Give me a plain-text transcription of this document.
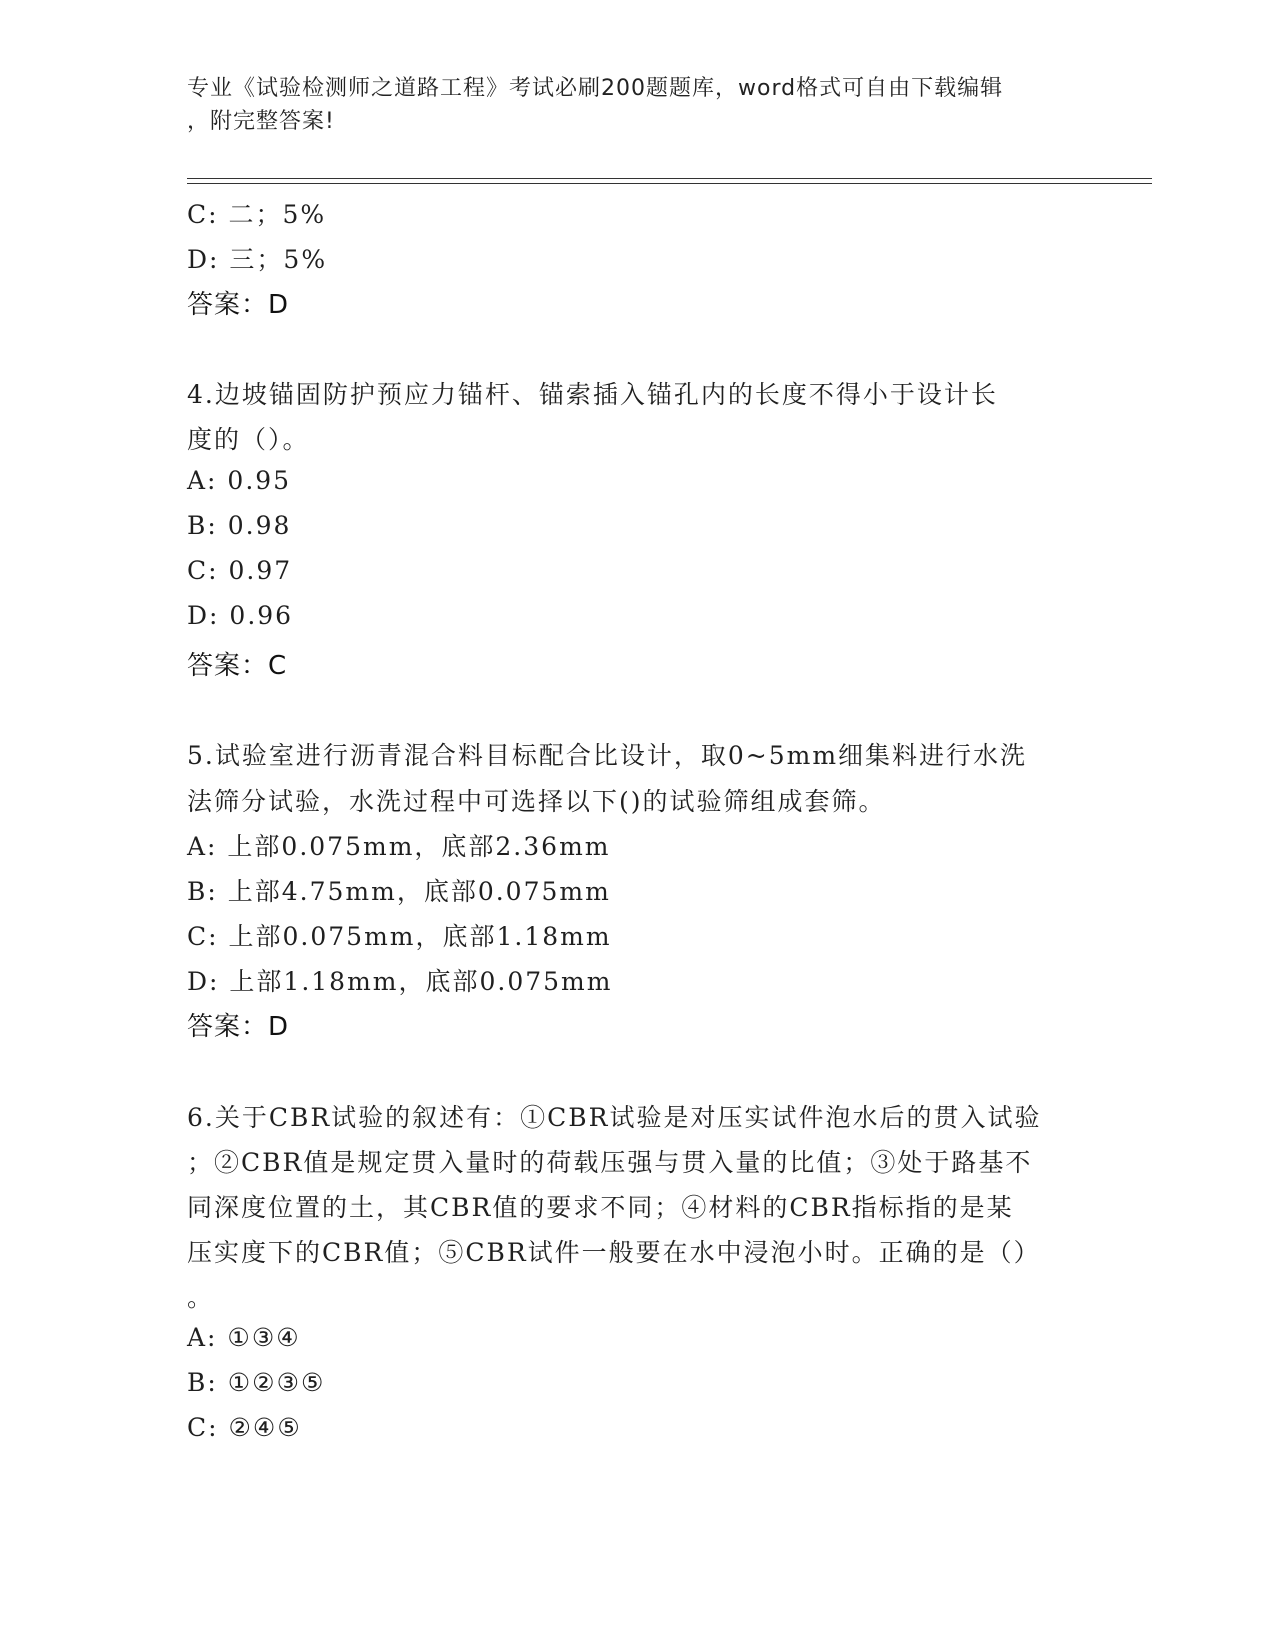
专业《试验检测师之道路工程》考试必刷200题题库，word格式可自由下载编辑
，附完整答案!
C: 二；5%
D: 三；5%
答案：D
4.边坡锚固防护预应力锚杆、锚索插入锚孔内的长度不得小于设计长
度的（）。
A: 0.95
B: 0.98
C: 0.97
D: 0.96
答案：C
5.试验室进行沥青混合料目标配合比设计，取0~5mm细集料进行水洗
法筛分试验，水洗过程中可选择以下()的试验筛组成套筛。
A: 上部0.075mm，底部2.36mm
B: 上部4.75mm，底部0.075mm
C: 上部0.075mm，底部1.18mm
D: 上部1.18mm，底部0.075mm
答案：D
6.关于CBR试验的叙述有：①CBR试验是对压实试件泡水后的贯入试验
；②CBR值是规定贯入量时的荷载压强与贯入量的比值；③处于路基不
同深度位置的土，其CBR值的要求不同；④材料的CBR指标指的是某
压实度下的CBR值；⑤CBR试件一般要在水中浸泡小时。正确的是（）
。
A: ①③④
B: ①②③⑤
C: ②④⑤
